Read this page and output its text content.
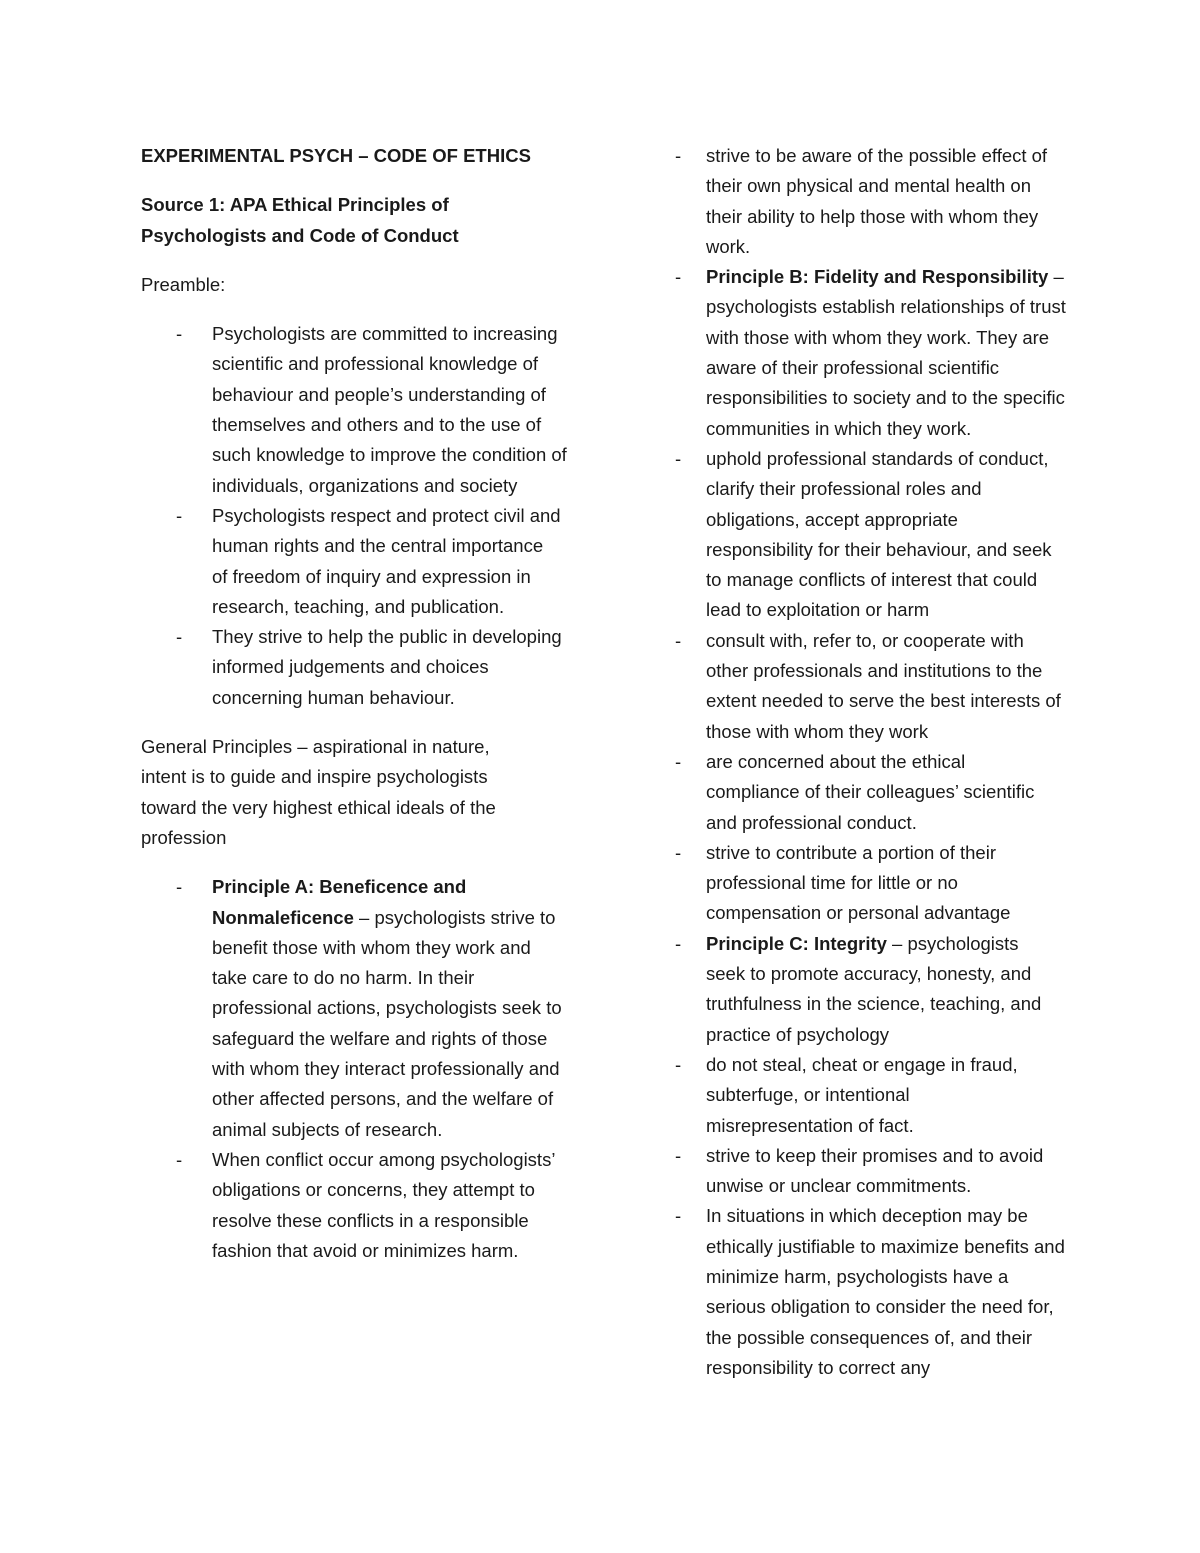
EXPERIMENTAL PSYCH – CODE OF ETHICS

Source 1: APA Ethical Principles of Psychologists and Code of Conduct

Preamble:

- Psychologists are committed to increasing scientific and professional knowledge of behaviour and people’s understanding of themselves and others and to the use of such knowledge to improve the condition of individuals, organizations and society
- Psychologists respect and protect civil and human rights and the central importance of freedom of inquiry and expression in research, teaching, and publication.
- They strive to help the public in developing informed judgements and choices concerning human behaviour.

General Principles – aspirational in nature, intent is to guide and inspire psychologists toward the very highest ethical ideals of the profession

- Principle A: Beneficence and Nonmaleficence – psychologists strive to benefit those with whom they work and take care to do no harm. In their professional actions, psychologists seek to safeguard the welfare and rights of those with whom they interact professionally and other affected persons, and the welfare of animal subjects of research.
- When conflict occur among psychologists’ obligations or concerns, they attempt to resolve these conflicts in a responsible fashion that avoid or minimizes harm.
- strive to be aware of the possible effect of their own physical and mental health on their ability to help those with whom they work.
- Principle B: Fidelity and Responsibility – psychologists establish relationships of trust with those with whom they work. They are aware of their professional scientific responsibilities to society and to the specific communities in which they work.
- uphold professional standards of conduct, clarify their professional roles and obligations, accept appropriate responsibility for their behaviour, and seek to manage conflicts of interest that could lead to exploitation or harm
- consult with, refer to, or cooperate with other professionals and institutions to the extent needed to serve the best interests of those with whom they work
- are concerned about the ethical compliance of their colleagues’ scientific and professional conduct.
- strive to contribute a portion of their professional time for little or no compensation or personal advantage
- Principle C: Integrity – psychologists seek to promote accuracy, honesty, and truthfulness in the science, teaching, and practice of psychology
- do not steal, cheat or engage in fraud, subterfuge, or intentional misrepresentation of fact.
- strive to keep their promises and to avoid unwise or unclear commitments.
- In situations in which deception may be ethically justifiable to maximize benefits and minimize harm, psychologists have a serious obligation to consider the need for, the possible consequences of, and their responsibility to correct any
